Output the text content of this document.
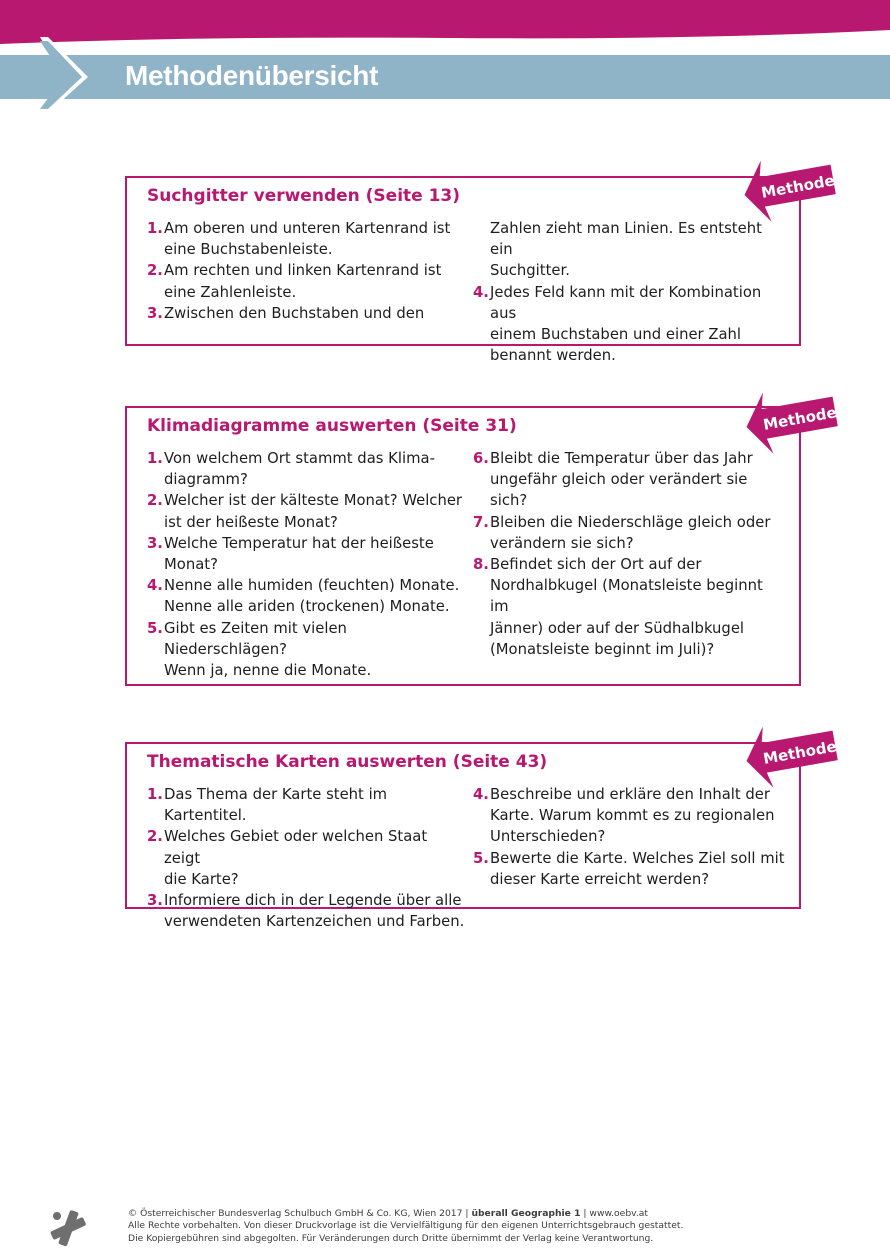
Methodenübersicht
Suchgitter verwenden (Seite 13)
1. Am oberen und unteren Kartenrand ist
eine Buchstabenleiste.
2. Am rechten und linken Kartenrand ist
eine Zahlenleiste.
3. Zwischen den Buchstaben und den
Zahlen zieht man Linien. Es entsteht ein
Suchgitter.
4. Jedes Feld kann mit der Kombination aus
einem Buchstaben und einer Zahl
benannt werden.
Klimadiagramme auswerten (Seite 31)
1. Von welchem Ort stammt das Klima-
diagramm?
2. Welcher ist der kälteste Monat? Welcher
ist der heißeste Monat?
3. Welche Temperatur hat der heißeste
Monat?
4. Nenne alle humiden (feuchten) Monate.
Nenne alle ariden (trockenen) Monate.
5. Gibt es Zeiten mit vielen Niederschlägen?
Wenn ja, nenne die Monate.
6. Bleibt die Temperatur über das Jahr
ungefähr gleich oder verändert sie sich?
7. Bleiben die Niederschläge gleich oder
verändern sie sich?
8. Befindet sich der Ort auf der
Nordhalbkugel (Monatsleiste beginnt im
Jänner) oder auf der Südhalbkugel
(Monatsleiste beginnt im Juli)?
Thematische Karten auswerten (Seite 43)
1. Das Thema der Karte steht im Kartentitel.
2. Welches Gebiet oder welchen Staat zeigt
die Karte?
3. Informiere dich in der Legende über alle
verwendeten Kartenzeichen und Farben.
4. Beschreibe und erkläre den Inhalt der
Karte. Warum kommt es zu regionalen
Unterschieden?
5. Bewerte die Karte. Welches Ziel soll mit
dieser Karte erreicht werden?
Methode
Methode
Methode
© Österreichischer Bundesverlag Schulbuch GmbH & Co. KG, Wien 2017 | überall Geographie 1 | www.oebv.at
Alle Rechte vorbehalten. Von dieser Druckvorlage ist die Vervielfältigung für den eigenen Unterrichtsgebrauch gestattet.
Die Kopiergebühren sind abgegolten. Für Veränderungen durch Dritte übernimmt der Verlag keine Verantwortung.
